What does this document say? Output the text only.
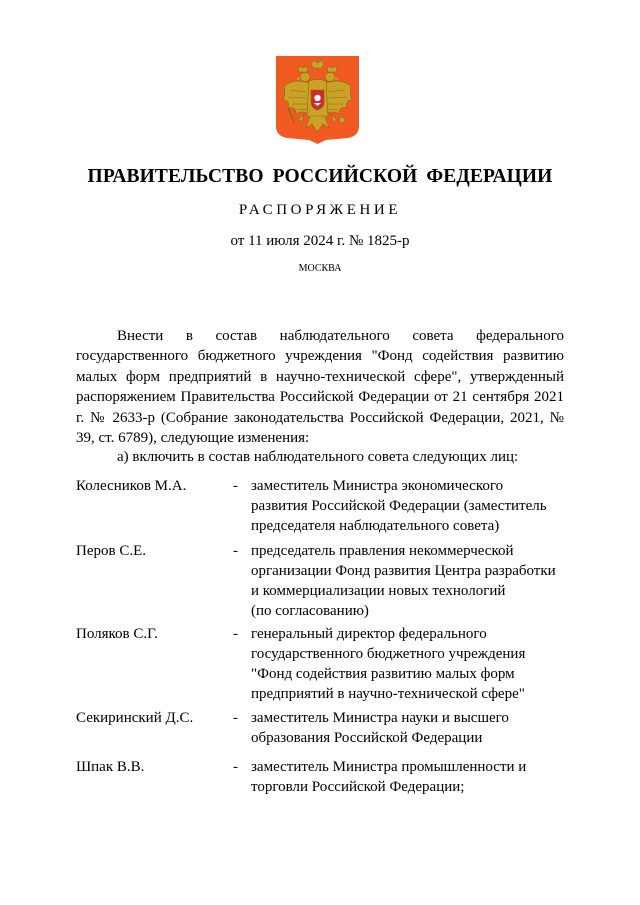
ПРАВИТЕЛЬСТВО РОССИЙСКОЙ ФЕДЕРАЦИИ
РАСПОРЯЖЕНИЕ
от 11 июля 2024 г. № 1825-р
МОСКВА

Внести в состав наблюдательного совета федерального государственного бюджетного учреждения "Фонд содействия развитию малых форм предприятий в научно-технической сфере", утвержденный распоряжением Правительства Российской Федерации от 21 сентября 2021 г. № 2633-р (Собрание законодательства Российской Федерации, 2021, № 39, ст. 6789), следующие изменения:

а) включить в состав наблюдательного совета следующих лиц:

Колесников М.А.	- заместитель Министра экономического
развития Российской Федерации (заместитель
председателя наблюдательного совета)
Перов С.Е.	- председатель правления некоммерческой
организации Фонд развития Центра разработки
и коммерциализации новых технологий
(по согласованию)
Поляков С.Г.	- генеральный директор федерального
государственного бюджетного учреждения
"Фонд содействия развитию малых форм
предприятий в научно-технической сфере"
Секиринский Д.С.	- заместитель Министра науки и высшего
образования Российской Федерации
Шпак В.В.	- заместитель Министра промышленности и
торговли Российской Федерации;
